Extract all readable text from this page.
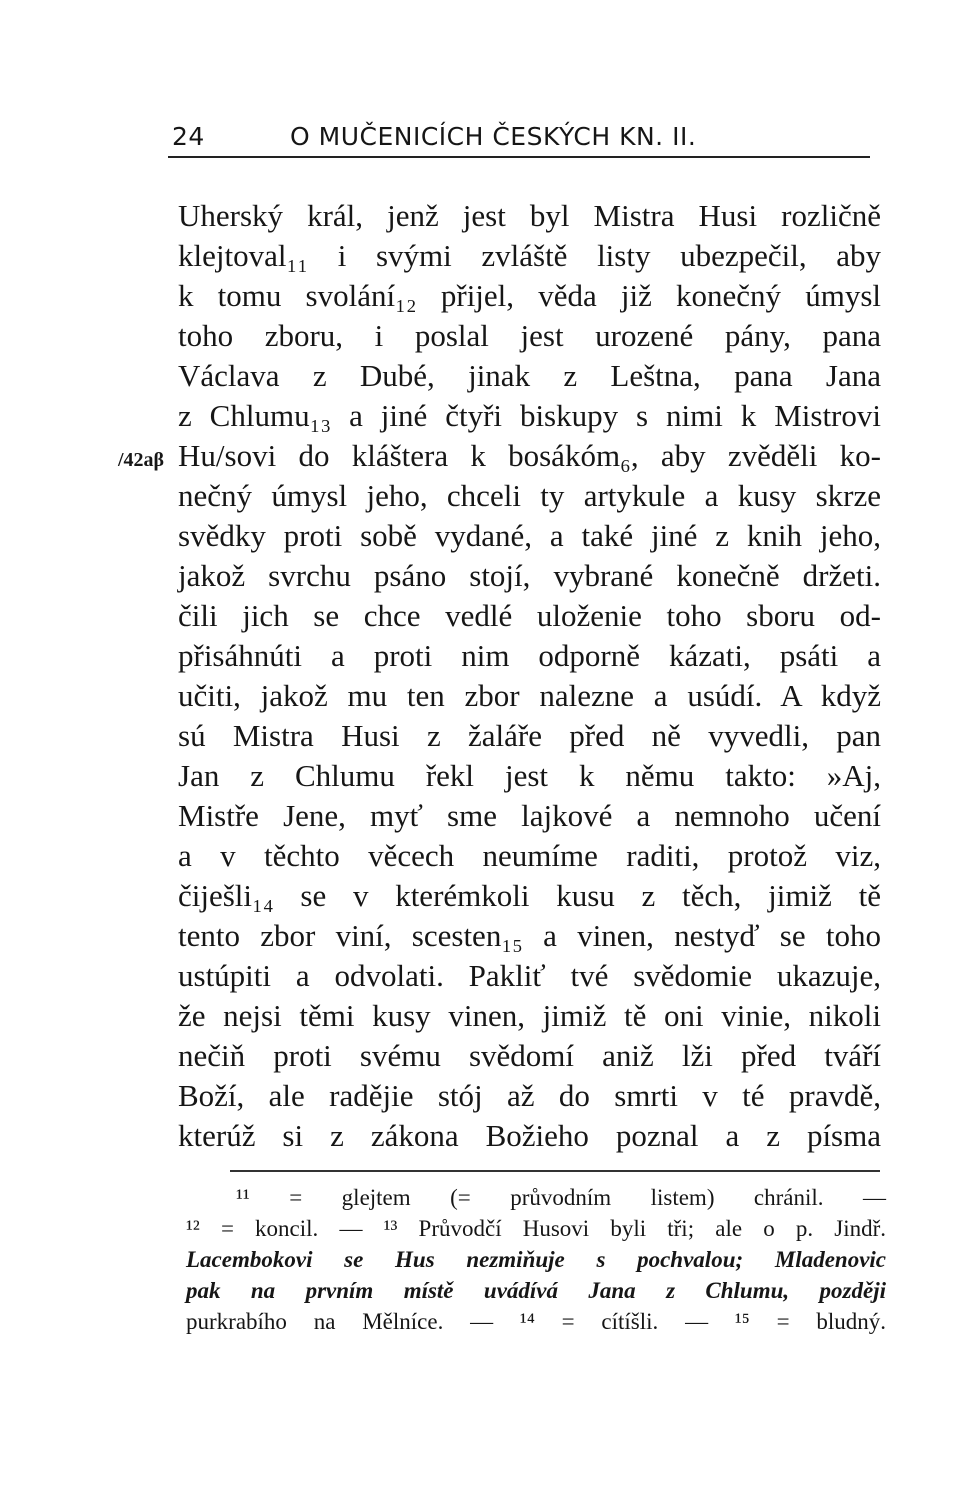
24	O MUČENICÍCH ČESKÝCH KN. II.
/42aβ
Uherský král, jenž jest byl Mistra Husi rozličně
klejtoval₁₁ i svými zvláště listy ubezpečil, aby
k tomu svolání₁₂ přijel, věda již konečný úmysl
toho zboru, i poslal jest urozené pány, pana
Václava z Dubé, jinak z Leštna, pana Jana
z Chlumu₁₃ a jiné čtyři biskupy s nimi k Mistrovi
Hu/sovi do kláštera k bosákóm₆, aby zvěděli ko-
nečný úmysl jeho, chceli ty artykule a kusy skrze
svědky proti sobě vydané, a také jiné z knih jeho,
jakož svrchu psáno stojí, vybrané konečně držeti.
čili jich se chce vedlé uloženie toho sboru od-
přisáhnúti a proti nim odporně kázati, psáti a
učiti, jakož mu ten zbor nalezne a usúdí. A když
sú Mistra Husi z žaláře před ně vyvedli, pan
Jan z Chlumu řekl jest k němu takto: »Aj,
Mistře Jene, myť sme lajkové a nemnoho učení
a v těchto věcech neumíme raditi, protož viz,
čiješli₁₄ se v kterémkoli kusu z těch, jimiž tě
tento zbor viní, scesten₁₅ a vinen, nestyď se toho
ustúpiti a odvolati. Pakliť tvé svědomie ukazuje,
že nejsi těmi kusy vinen, jimiž tě oni vinie, nikoli
nečiň proti svému svědomí aniž lži před tváří
Boží, ale radějie stój až do smrti v té pravdě,
kterúž si z zákona Božieho poznal a z písma
¹¹ = glejtem (= průvodním listem) chránil. —
¹² = koncil. — ¹³ Průvodčí Husovi byli tři; ale o p. Jindř.
Lacembokovi se Hus nezmiňuje s pochvalou; Mladenovic
pak na prvním místě uvádívá Jana z Chlumu, později
purkrabího na Mělníce. — ¹⁴ = cítíšli. — ¹⁵ = bludný.
